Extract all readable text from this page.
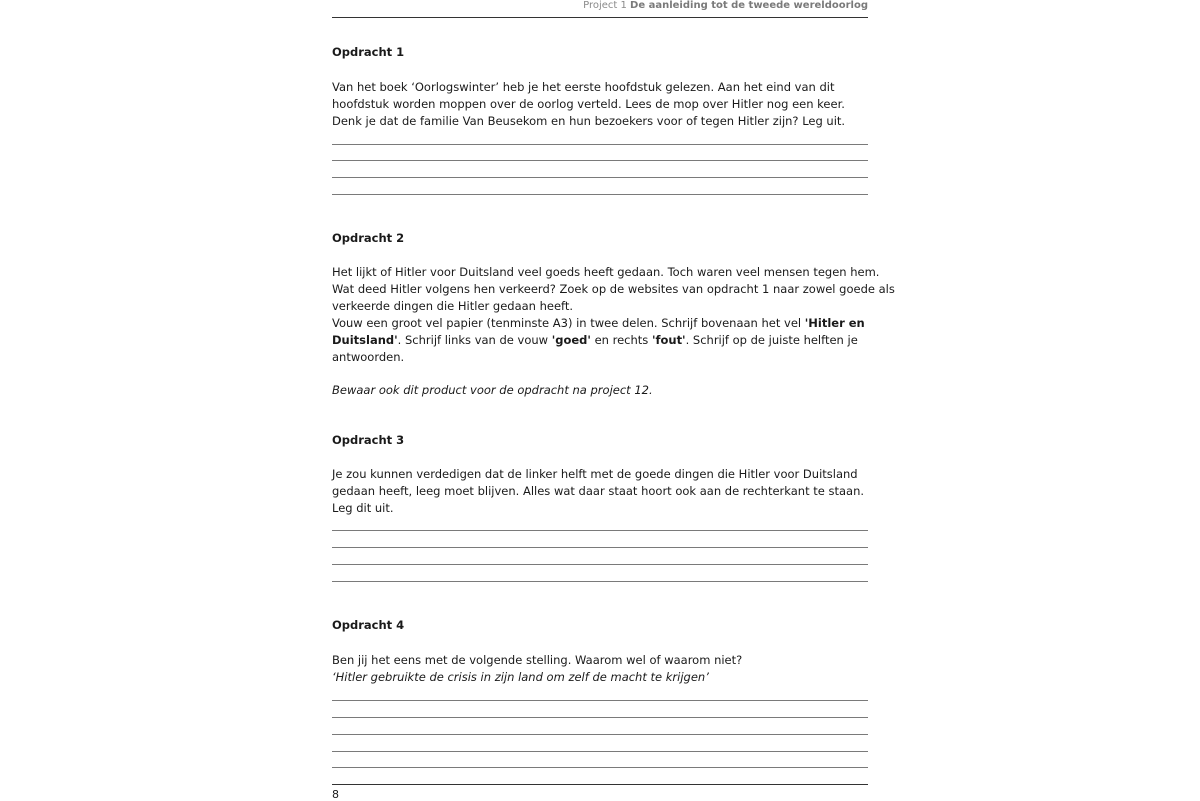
Project 1 De aanleiding tot de tweede wereldoorlog
Opdracht 1
Van het boek ‘Oorlogswinter’ heb je het eerste hoofdstuk gelezen. Aan het eind van dit
hoofdstuk worden moppen over de oorlog verteld. Lees de mop over Hitler nog een keer.
Denk je dat de familie Van Beusekom en hun bezoekers voor of tegen Hitler zijn? Leg uit.
Opdracht 2
Het lijkt of Hitler voor Duitsland veel goeds heeft gedaan. Toch waren veel mensen tegen hem.
Wat deed Hitler volgens hen verkeerd? Zoek op de websites van opdracht 1 naar zowel goede als
verkeerde dingen die Hitler gedaan heeft.
Vouw een groot vel papier (tenminste A3) in twee delen. Schrijf bovenaan het vel 'Hitler en
Duitsland'. Schrijf links van de vouw 'goed' en rechts 'fout'. Schrijf op de juiste helften je
antwoorden.
Bewaar ook dit product voor de opdracht na project 12.
Opdracht 3
Je zou kunnen verdedigen dat de linker helft met de goede dingen die Hitler voor Duitsland
gedaan heeft, leeg moet blijven. Alles wat daar staat hoort ook aan de rechterkant te staan.
Leg dit uit.
Opdracht 4
Ben jij het eens met de volgende stelling. Waarom wel of waarom niet?
‘Hitler gebruikte de crisis in zijn land om zelf de macht te krijgen’
8
